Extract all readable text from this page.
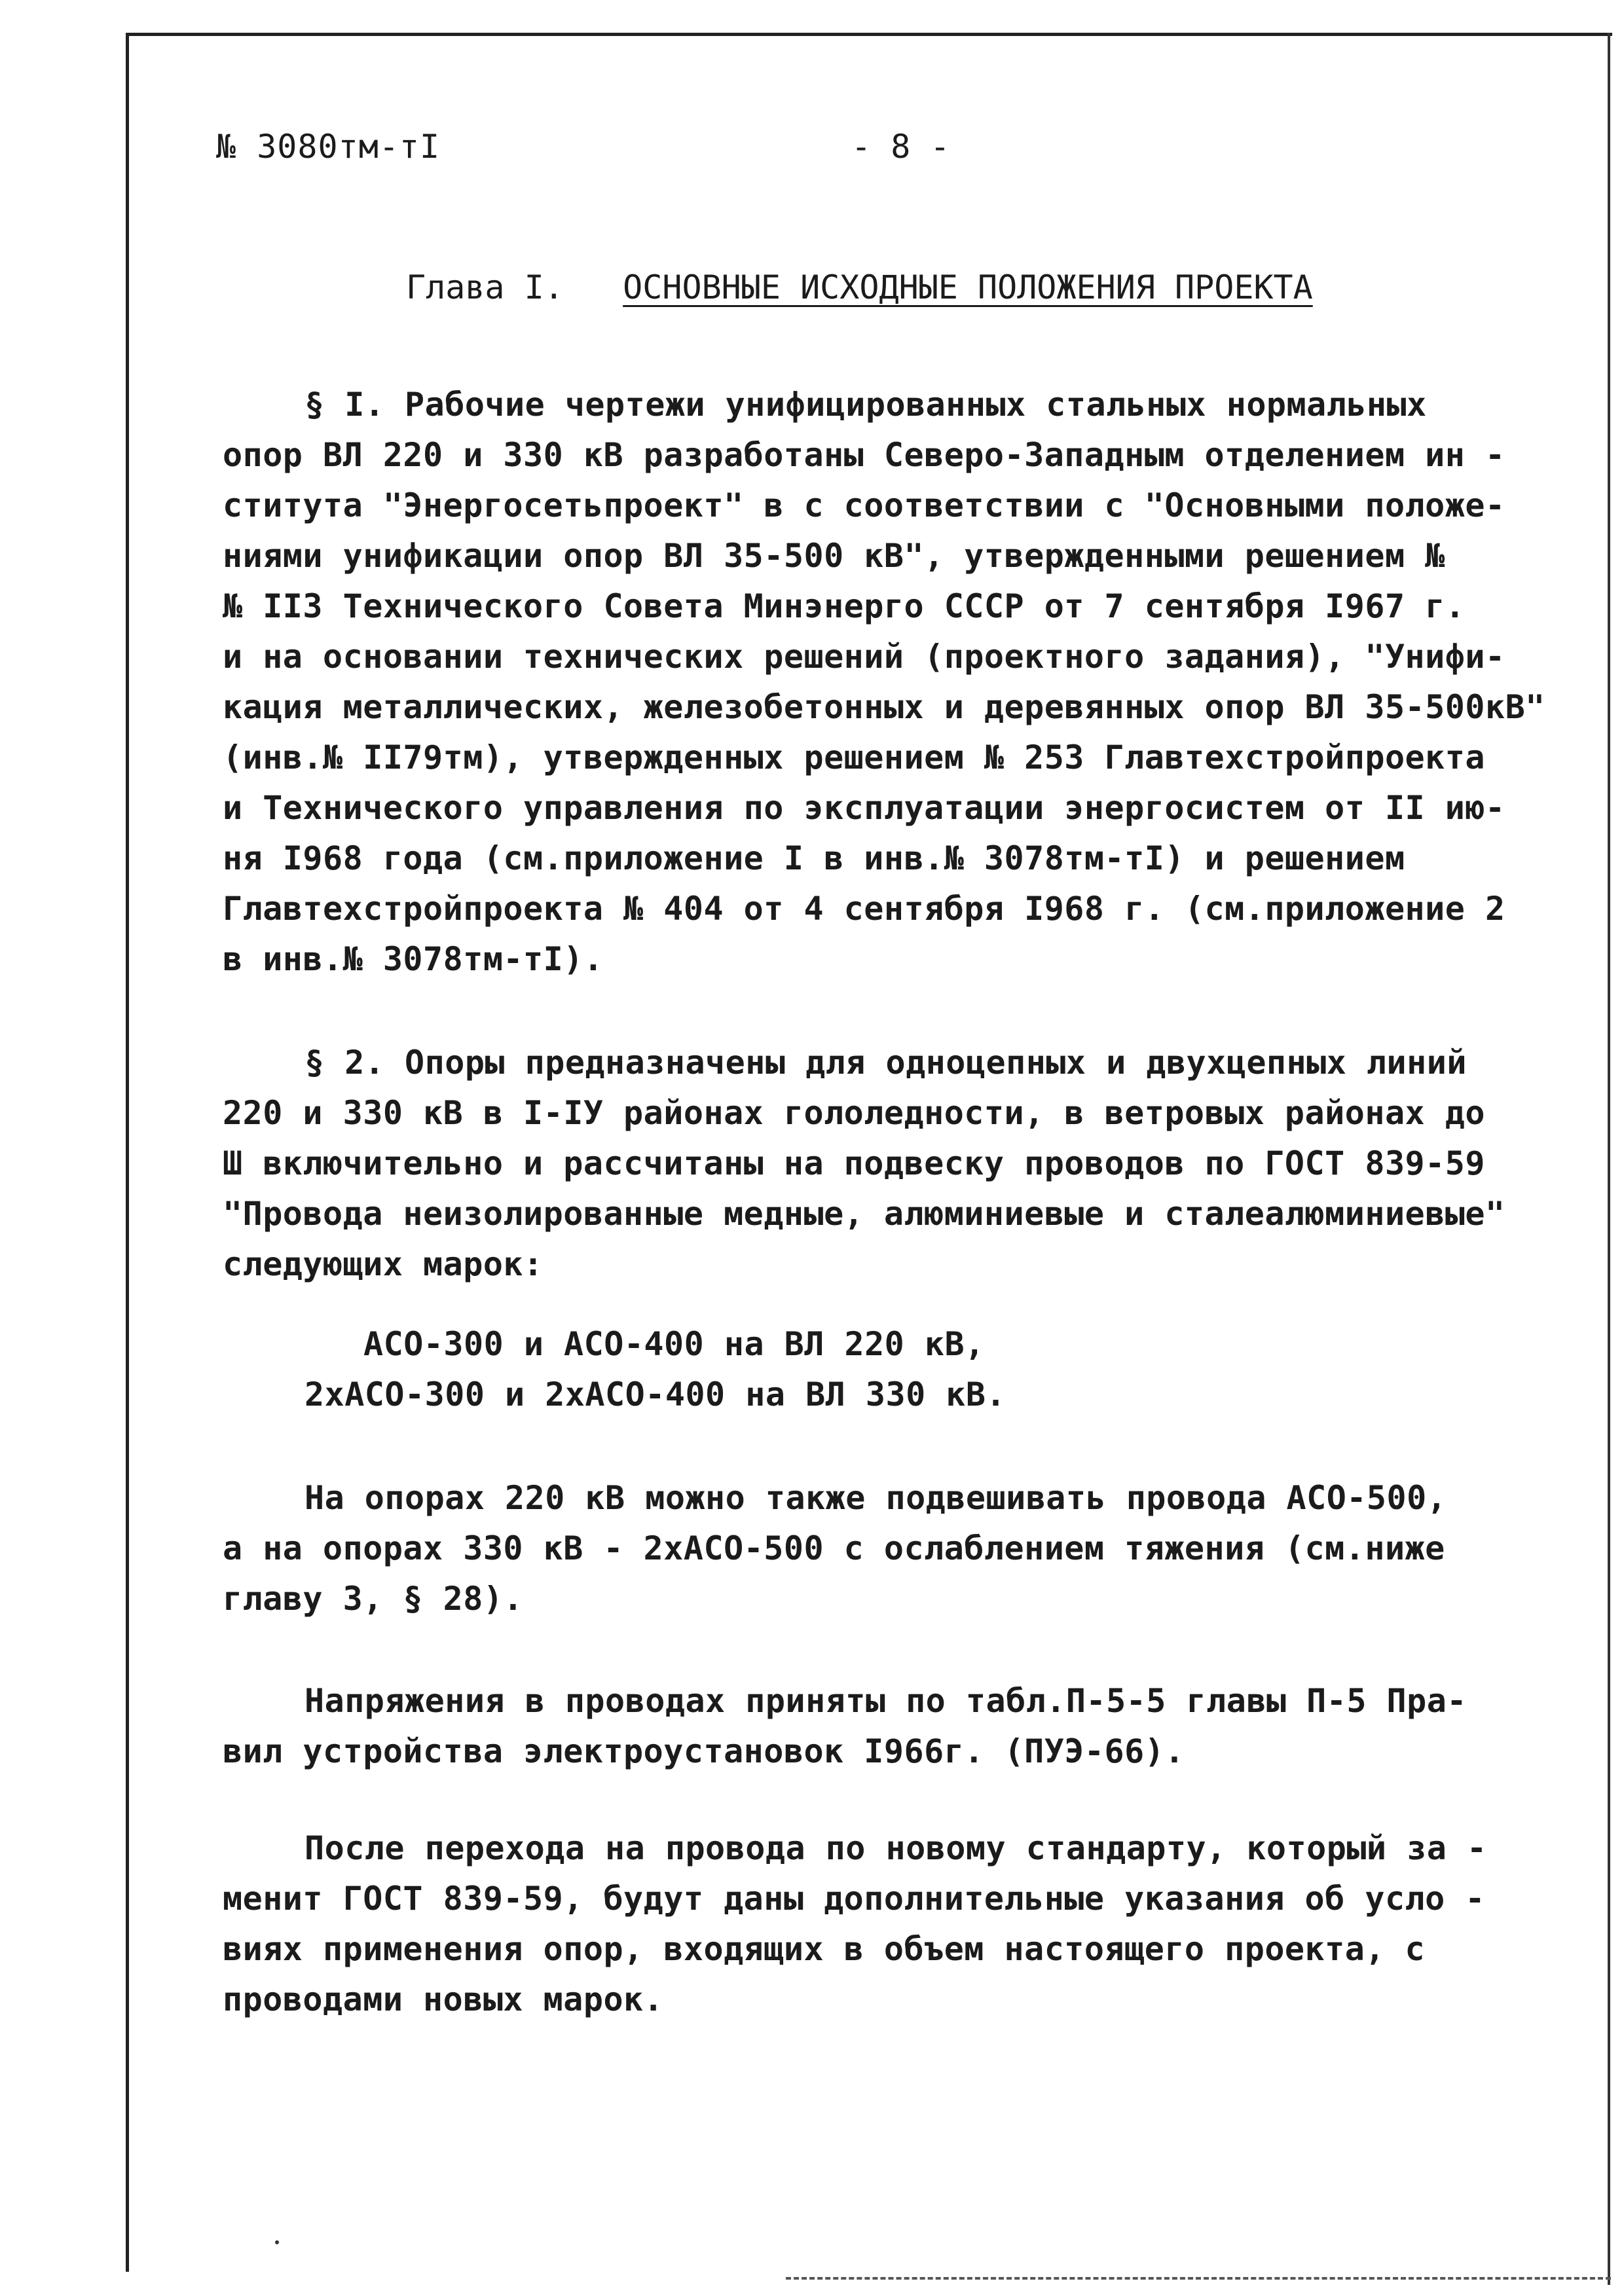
№ 3080тм-тI	- 8 -
Глава I. ОСНОВНЫЕ ИСХОДНЫЕ ПОЛОЖЕНИЯ ПРОЕКТА
§ I. Рабочие чертежи унифицированных стальных нормальных
опор ВЛ 220 и 330 кВ разработаны Северо-Западным отделением ин -
ститута "Энергосетьпроект" в с соответствии с "Основными положе-
ниями унификации опор ВЛ 35-500 кВ", утвержденными решением №
№ II3 Технического Совета Минэнерго СССР от 7 сентября I967 г.
и на основании технических решений (проектного задания), "Унифи-
кация металлических, железобетонных и деревянных опор ВЛ 35-500кВ"
(инв.№ II79тм), утвержденных решением № 253 Главтехстройпроекта
и Технического управления по эксплуатации энергосистем от II ию-
ня I968 года (см.приложение I в инв.№ 3078тм-тI) и решением
Главтехстройпроекта № 404 от 4 сентября I968 г. (см.приложение 2
в инв.№ 3078тм-тI).
§ 2. Опоры предназначены для одноцепных и двухцепных линий
220 и 330 кВ в I-IУ районах гололедности, в ветровых районах до
Ш включительно и рассчитаны на подвеску проводов по ГОСТ 839-59
"Провода неизолированные медные, алюминиевые и сталеалюминиевые"
следующих марок:
АСО-300 и АСО-400 на ВЛ 220 кВ,
2хАСО-300 и 2хАСО-400 на ВЛ 330 кВ.
На опорах 220 кВ можно также подвешивать провода АСО-500,
а на опорах 330 кВ - 2хАСО-500 с ослаблением тяжения (см.ниже
главу 3, § 28).
Напряжения в проводах приняты по табл.П-5-5 главы П-5 Пра-
вил устройства электроустановок I966г. (ПУЭ-66).
После перехода на провода по новому стандарту, который за -
менит ГОСТ 839-59, будут даны дополнительные указания об усло -
виях применения опор, входящих в объем настоящего проекта, с
проводами новых марок.
